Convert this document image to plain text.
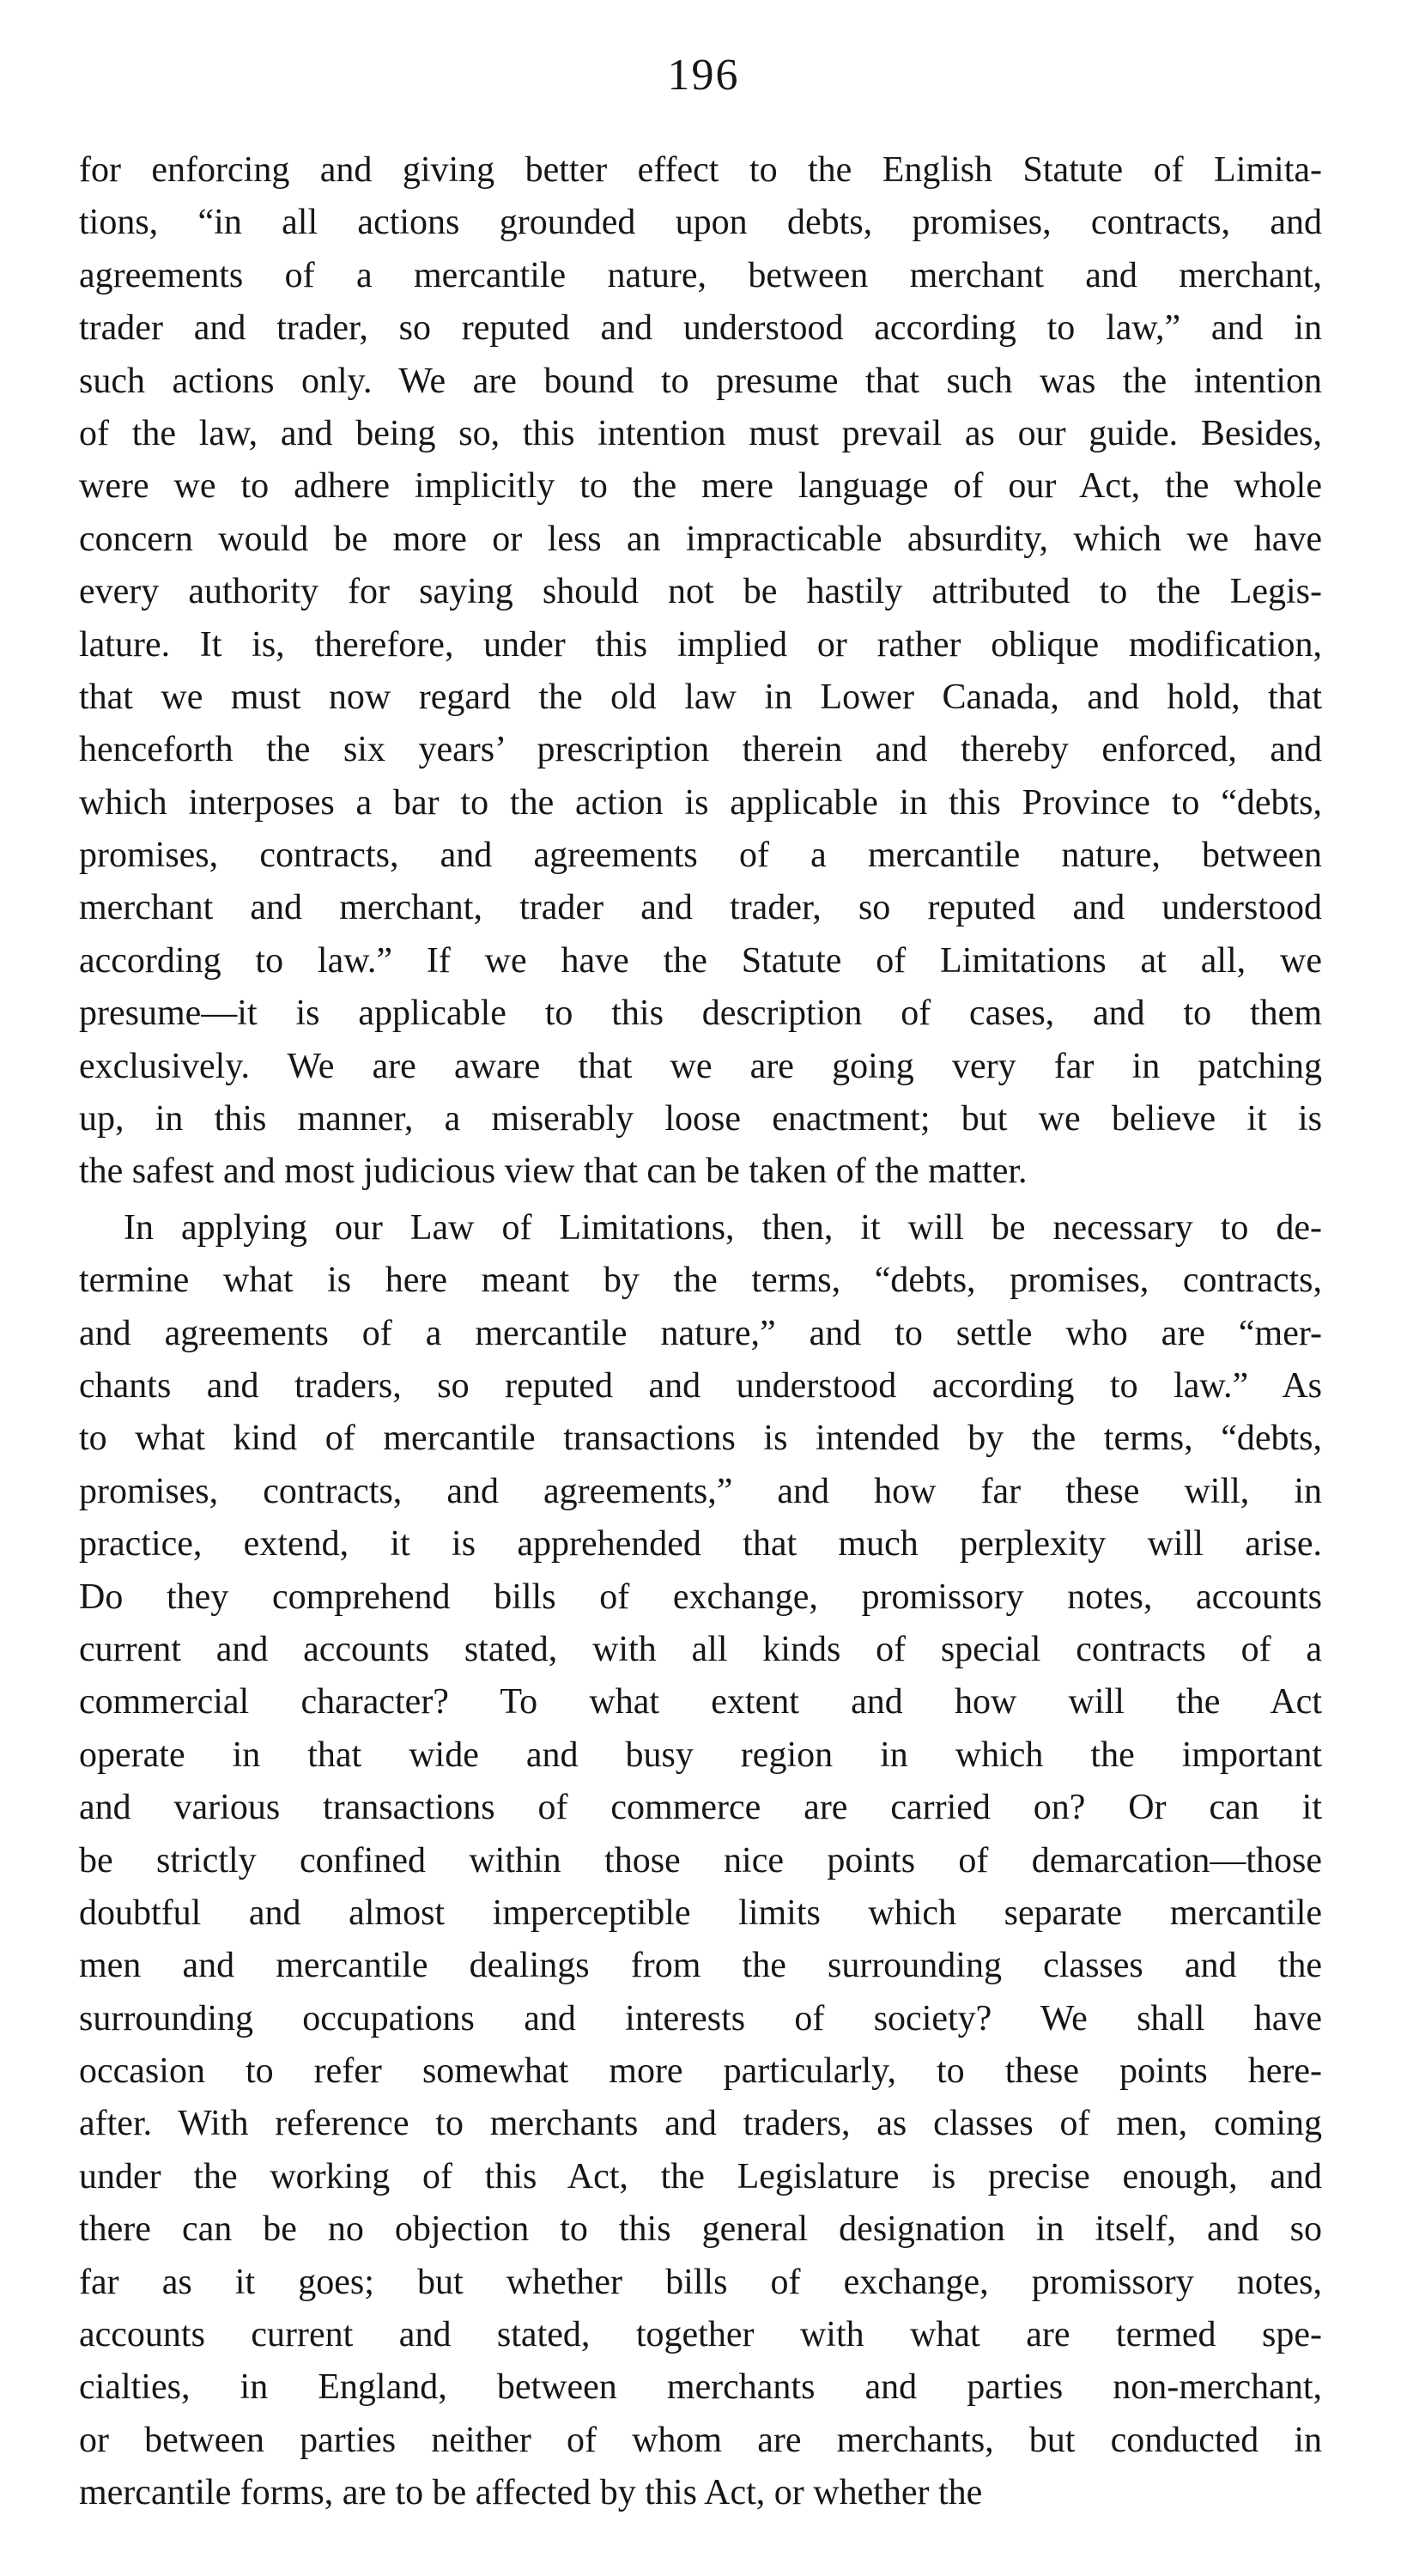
196
for enforcing and giving better effect to the English Statute of Limita-
tions, “in all actions grounded upon debts, promises, contracts, and
agreements of a mercantile nature, between merchant and merchant,
trader and trader, so reputed and understood according to law,” and in
such actions only. We are bound to presume that such was the intention
of the law, and being so, this intention must prevail as our guide. Besides,
were we to adhere implicitly to the mere language of our Act, the whole
concern would be more or less an impracticable absurdity, which we have
every authority for saying should not be hastily attributed to the Legis-
lature. It is, therefore, under this implied or rather oblique modification,
that we must now regard the old law in Lower Canada, and hold, that
henceforth the six years’ prescription therein and thereby enforced, and
which interposes a bar to the action is applicable in this Province to “debts,
promises, contracts, and agreements of a mercantile nature, between
merchant and merchant, trader and trader, so reputed and understood
according to law.” If we have the Statute of Limitations at all, we
presume—it is applicable to this description of cases, and to them
exclusively. We are aware that we are going very far in patching
up, in this manner, a miserably loose enactment; but we believe it is
the safest and most judicious view that can be taken of the matter.
In applying our Law of Limitations, then, it will be necessary to de-
termine what is here meant by the terms, “debts, promises, contracts,
and agreements of a mercantile nature,” and to settle who are “mer-
chants and traders, so reputed and understood according to law.” As
to what kind of mercantile transactions is intended by the terms, “debts,
promises, contracts, and agreements,” and how far these will, in
practice, extend, it is apprehended that much perplexity will arise.
Do they comprehend bills of exchange, promissory notes, accounts
current and accounts stated, with all kinds of special contracts of a
commercial character? To what extent and how will the Act
operate in that wide and busy region in which the important
and various transactions of commerce are carried on? Or can it
be strictly confined within those nice points of demarcation—those
doubtful and almost imperceptible limits which separate mercantile
men and mercantile dealings from the surrounding classes and the
surrounding occupations and interests of society? We shall have
occasion to refer somewhat more particularly, to these points here-
after. With reference to merchants and traders, as classes of men, coming
under the working of this Act, the Legislature is precise enough, and
there can be no objection to this general designation in itself, and so
far as it goes; but whether bills of exchange, promissory notes,
accounts current and stated, together with what are termed spe-
cialties, in England, between merchants and parties non-merchant,
or between parties neither of whom are merchants, but conducted in
mercantile forms, are to be affected by this Act, or whether the
